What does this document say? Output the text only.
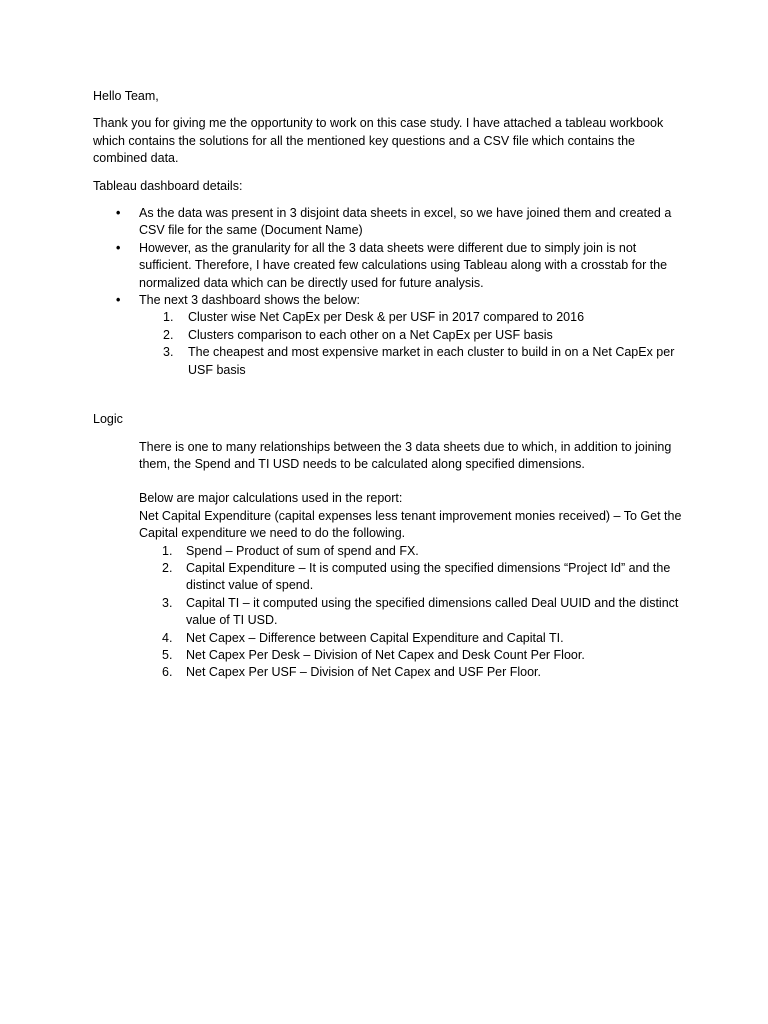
Hello Team,

Thank you for giving me the opportunity to work on this case study. I have attached a tableau workbook which contains the solutions for all the mentioned key questions and a CSV file which contains the combined data.

Tableau dashboard details:

• As the data was present in 3 disjoint data sheets in excel, so we have joined them and created a CSV file for the same (Document Name)
• However, as the granularity for all the 3 data sheets were different due to simply join is not sufficient. Therefore, I have created few calculations using Tableau along with a crosstab for the normalized data which can be directly used for future analysis.
• The next 3 dashboard shows the below:
1. Cluster wise Net CapEx per Desk & per USF in 2017 compared to 2016
2. Clusters comparison to each other on a Net CapEx per USF basis
3. The cheapest and most expensive market in each cluster to build in on a Net CapEx per USF basis

Logic

There is one to many relationships between the 3 data sheets due to which, in addition to joining them, the Spend and TI USD needs to be calculated along specified dimensions.

Below are major calculations used in the report:

Net Capital Expenditure (capital expenses less tenant improvement monies received) – To Get the Capital expenditure we need to do the following.

1. Spend – Product of sum of spend and FX.
2. Capital Expenditure – It is computed using the specified dimensions “Project Id” and the distinct value of spend.
3. Capital TI – it computed using the specified dimensions called Deal UUID and the distinct value of TI USD.
4. Net Capex – Difference between Capital Expenditure and Capital TI.
5. Net Capex Per Desk – Division of Net Capex and Desk Count Per Floor.
6. Net Capex Per USF – Division of Net Capex and USF Per Floor.
